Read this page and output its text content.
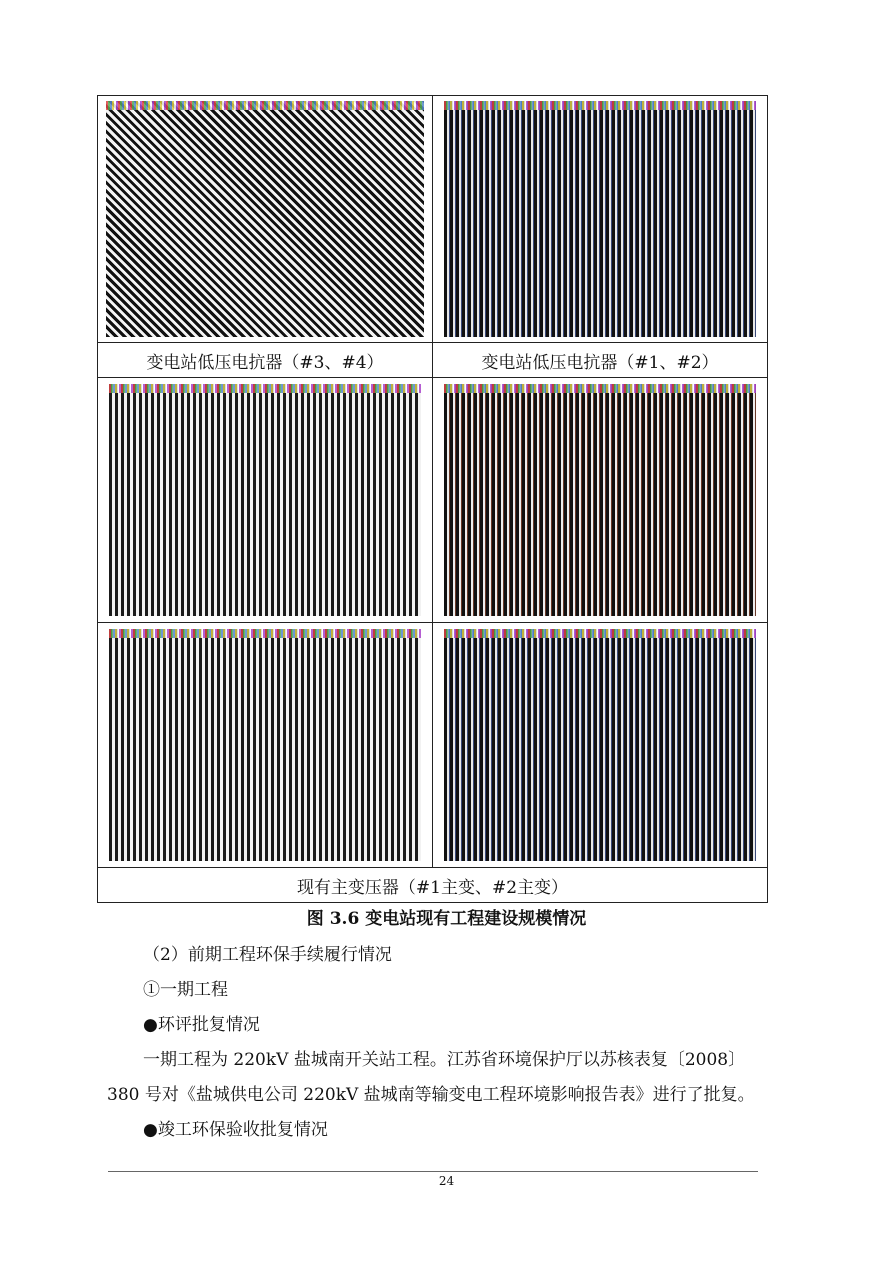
变电站低压电抗器（#3、#4）	变电站低压电抗器（#1、#2）

现有主变压器（#1主变、#2主变）	
图 3.6 变电站现有工程建设规模情况
（2）前期工程环保手续履行情况
①一期工程
●环评批复情况
一期工程为 220kV 盐城南开关站工程。江苏省环境保护厅以苏核表复〔2008〕
380 号对《盐城供电公司 220kV 盐城南等输变电工程环境影响报告表》进行了批复。
●竣工环保验收批复情况
24
